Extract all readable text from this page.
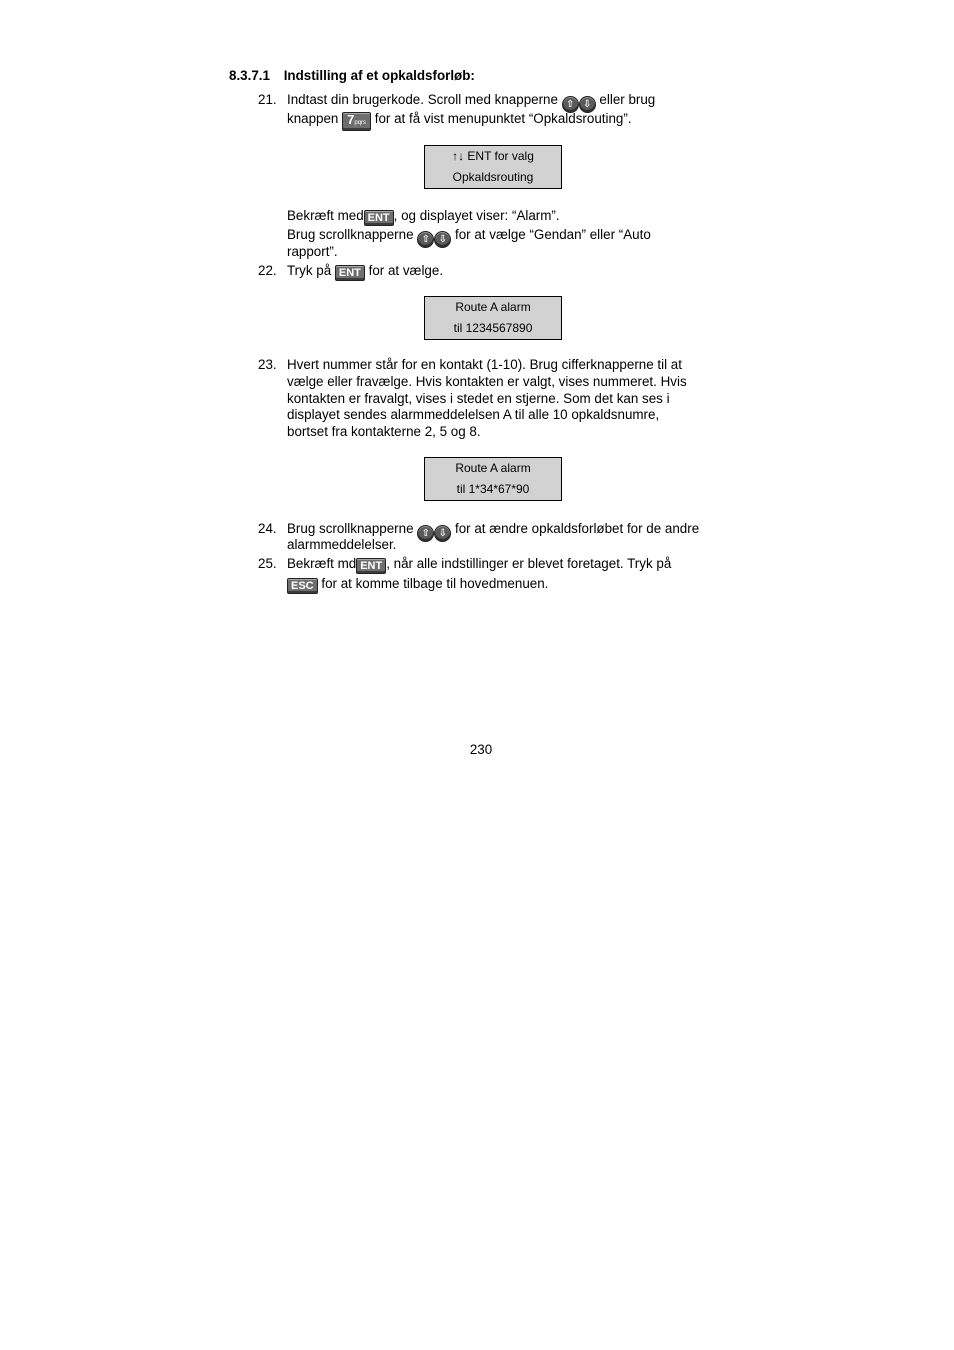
8.3.7.1 Indstilling af et opkaldsforløb:
21. Indtast din brugerkode. Scroll med knapperne ⇧ ⇩ eller brug
knappen 7pqrs for at få vist menupunktet “Opkaldsrouting”.
↑↓ ENT for valg
Opkaldsrouting
Bekræft med ENT , og displayet viser: “Alarm”.
Brug scrollknapperne ⇧ ⇩ for at vælge “Gendan” eller “Auto
rapport”.
22. Tryk på ENT for at vælge.
Route A alarm
til 1234567890
23. Hvert nummer står for en kontakt (1-10). Brug cifferknapperne til at
vælge eller fravælge. Hvis kontakten er valgt, vises nummeret. Hvis
kontakten er fravalgt, vises i stedet en stjerne. Som det kan ses i
displayet sendes alarmmeddelelsen A til alle 10 opkaldsnumre,
bortset fra kontakterne 2, 5 og 8.
Route A alarm
til 1*34*67*90
24. Brug scrollknapperne ⇧ ⇩ for at ændre opkaldsforløbet for de andre
alarmmeddelelser.
25. Bekræft md ENT , når alle indstillinger er blevet foretaget. Tryk på
ESC for at komme tilbage til hovedmenuen.
230
